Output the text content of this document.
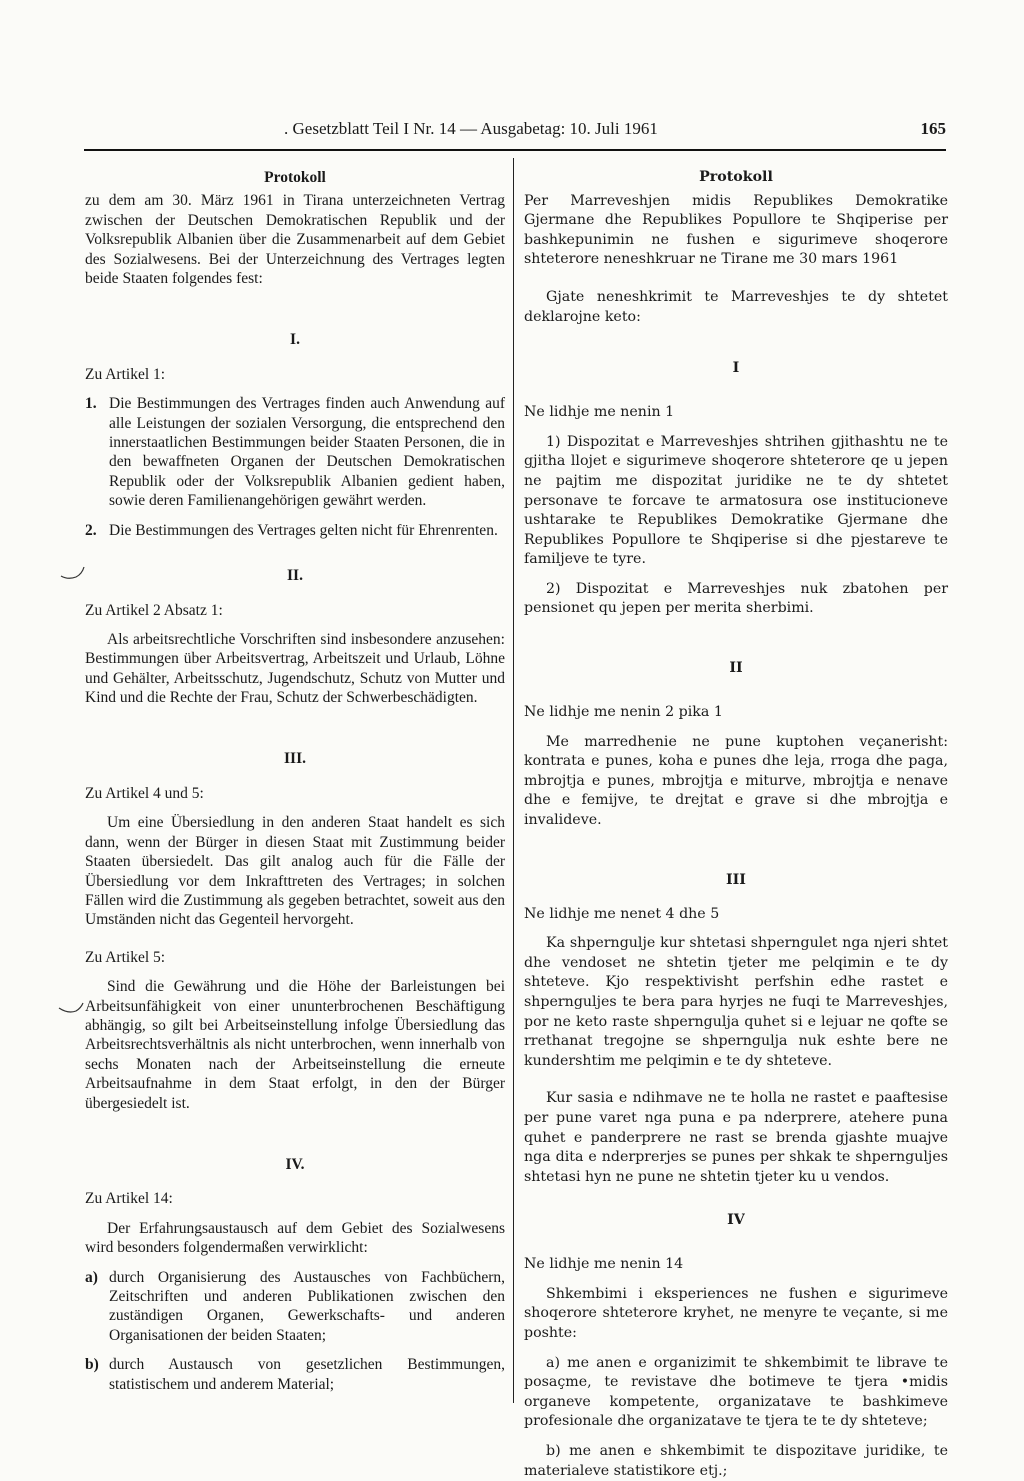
. Gesetzblatt Teil I Nr. 14 — Ausgabetag: 10. Juli 1961	165

Protokoll

zu dem am 30. März 1961 in Tirana unterzeichneten Vertrag zwischen der Deutschen Demokratischen Republik und der Volksrepublik Albanien über die Zusammenarbeit auf dem Gebiet des Sozialwesens. Bei der Unterzeichnung des Vertrages legten beide Staaten folgendes fest:

I.

Zu Artikel 1:

1. Die Bestimmungen des Vertrages finden auch Anwendung auf alle Leistungen der sozialen Versorgung, die entsprechend den innerstaatlichen Bestimmungen beider Staaten Personen, die in den bewaffneten Organen der Deutschen Demokratischen Republik oder der Volksrepublik Albanien gedient haben, sowie deren Familienangehörigen gewährt werden.
2. Die Bestimmungen des Vertrages gelten nicht für Ehrenrenten.

II.

Zu Artikel 2 Absatz 1:

Als arbeitsrechtliche Vorschriften sind insbesondere anzusehen: Bestimmungen über Arbeitsvertrag, Arbeitszeit und Urlaub, Löhne und Gehälter, Arbeitsschutz, Jugendschutz, Schutz von Mutter und Kind und die Rechte der Frau, Schutz der Schwerbeschädigten.

III.

Zu Artikel 4 und 5:

Um eine Übersiedlung in den anderen Staat handelt es sich dann, wenn der Bürger in diesen Staat mit Zustimmung beider Staaten übersiedelt. Das gilt analog auch für die Fälle der Übersiedlung vor dem Inkrafttreten des Vertrages; in solchen Fällen wird die Zustimmung als gegeben betrachtet, soweit aus den Umständen nicht das Gegenteil hervorgeht.

Zu Artikel 5:

Sind die Gewährung und die Höhe der Barleistungen bei Arbeitsunfähigkeit von einer ununterbrochenen Beschäftigung abhängig, so gilt bei Arbeitseinstellung infolge Übersiedlung das Arbeitsrechtsverhältnis als nicht unterbrochen, wenn innerhalb von sechs Monaten nach der Arbeitseinstellung die erneute Arbeitsaufnahme in dem Staat erfolgt, in den der Bürger übergesiedelt ist.

IV.

Zu Artikel 14:

Der Erfahrungsaustausch auf dem Gebiet des Sozialwesens wird besonders folgendermaßen verwirklicht:

a) durch Organisierung des Austausches von Fachbüchern, Zeitschriften und anderen Publikationen zwischen den zuständigen Organen, Gewerkschafts- und anderen Organisationen der beiden Staaten;
b) durch Austausch von gesetzlichen Bestimmungen, statistischem und anderem Material;

Protokoll

Per Marreveshjen midis Republikes Demokratike Gjermane dhe Republikes Popullore te Shqiperise per bashkepunimin ne fushen e sigurimeve shoqerore shteterore neneshkruar ne Tirane me 30 mars 1961

Gjate neneshkrimit te Marreveshjes te dy shtetet deklarojne keto:

I

Ne lidhje me nenin 1

1) Dispozitat e Marreveshjes shtrihen gjithashtu ne te gjitha llojet e sigurimeve shoqerore shteterore qe u jepen ne pajtim me dispozitat juridike ne te dy shtetet personave te forcave te armatosura ose institucioneve ushtarake te Republikes Demokratike Gjermane dhe Republikes Popullore te Shqiperise si dhe pjestareve te familjeve te tyre.

2) Dispozitat e Marreveshjes nuk zbatohen per pensionet qu jepen per merita sherbimi.

II

Ne lidhje me nenin 2 pika 1

Me marredhenie ne pune kuptohen veçanerisht: kontrata e punes, koha e punes dhe leja, rroga dhe paga, mbrojtja e punes, mbrojtja e miturve, mbrojtja e nenave dhe e femijve, te drejtat e grave si dhe mbrojtja e invalideve.

III

Ne lidhje me nenet 4 dhe 5

Ka shperngulje kur shtetasi shperngulet nga njeri shtet dhe vendoset ne shtetin tjeter me pelqimin e te dy shteteve. Kjo respektivisht perfshin edhe rastet e shpernguljes te bera para hyrjes ne fuqi te Marreveshjes, por ne keto raste shperngulja quhet si e lejuar ne qofte se rrethanat tregojne se shperngulja nuk eshte bere ne kundershtim me pelqimin e te dy shteteve.

Kur sasia e ndihmave ne te holla ne rastet e paaftesise per pune varet nga puna e pa nderprere, atehere puna quhet e panderprere ne rast se brenda gjashte muajve nga dita e nderprerjes se punes per shkak te shperngulјes shtetasi hyn ne pune ne shtetin tjeter ku u vendos.

IV

Ne lidhje me nenin 14

Shkembimi i eksperiences ne fushen e sigurimeve shoqerore shteterore kryhet, ne menyre te veçante, si me poshte:

a) me anen e organizimit te shkembimit te librave te posaçme, te revistave dhe botimeve te tjera •midis organeve kompetente, organizatave te bashkimeve profesionale dhe organizatave te tjera te te dy shteteve;

b) me anen e shkembimit te dispozitave juridike, te materialeve statistikore etj.;
